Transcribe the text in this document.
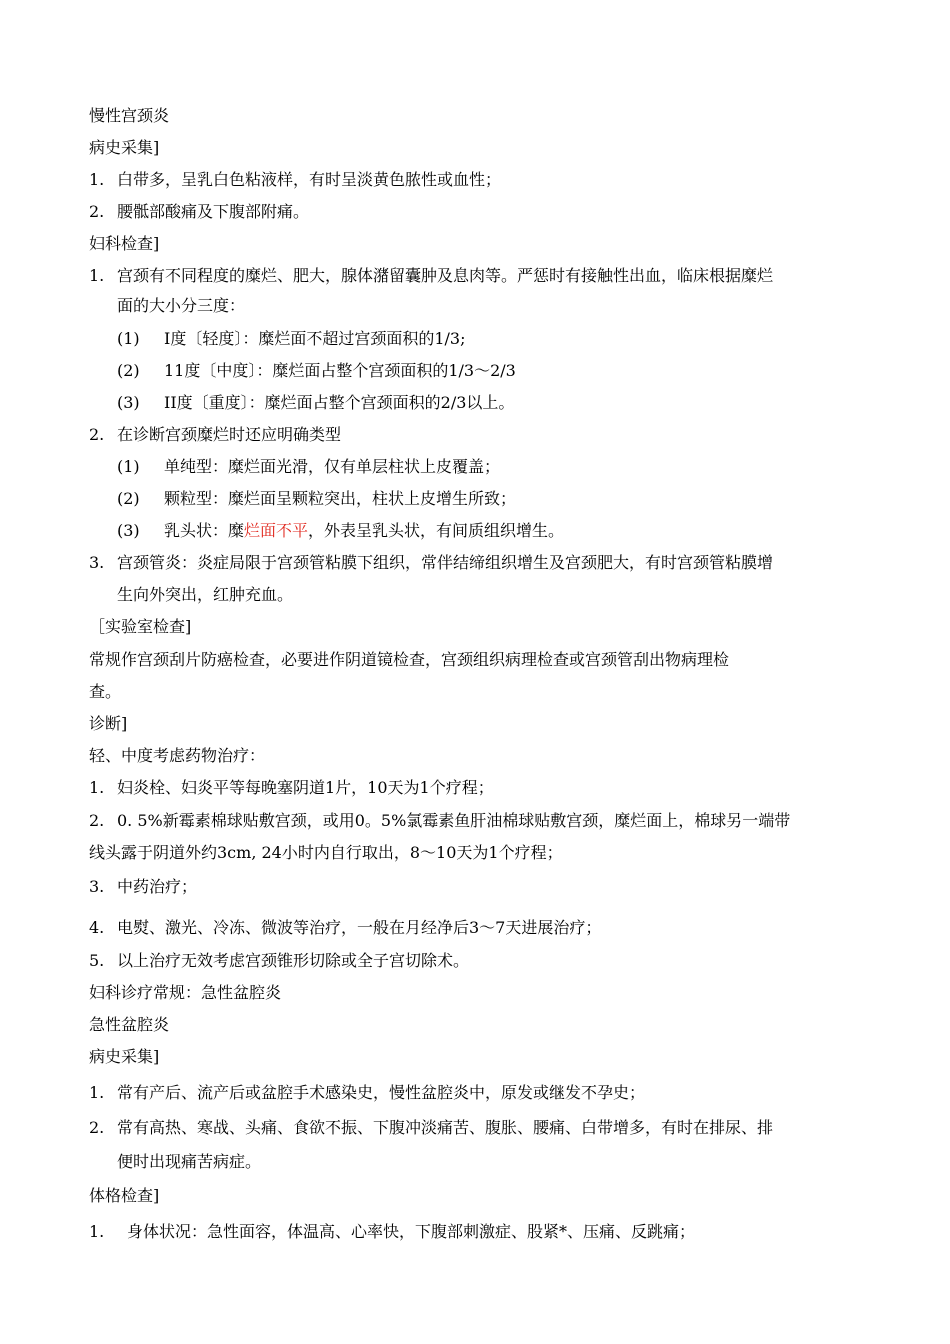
慢性宫颈炎
病史采集]
1. 白带多，呈乳白色粘液样，有时呈淡黄色脓性或血性；
2. 腰骶部酸痛及下腹部附痛。
妇科检查]
1. 宫颈有不同程度的糜烂、肥大，腺体潴留囊肿及息肉等。严惩时有接触性出血，临床根据糜烂
面的大小分三度：
(1) I度〔轻度〕：糜烂面不超过宫颈面积的1/3;
(2) 11度〔中度〕：糜烂面占整个宫颈面积的1/3〜2/3
(3) II度〔重度〕：糜烂面占整个宫颈面积的2/3以上。
2. 在诊断宫颈糜烂时还应明确类型
(1) 单纯型：糜烂面光滑，仅有单层柱状上皮覆盖；
(2) 颗粒型：糜烂面呈颗粒突出，柱状上皮增生所致；
(3) 乳头状：糜烂面不平，外表呈乳头状，有间质组织增生。
3. 宫颈管炎：炎症局限于宫颈管粘膜下组织，常伴结缔组织增生及宫颈肥大，有时宫颈管粘膜增
生向外突出，红肿充血。
［实验室检查]
常规作宫颈刮片防癌检查，必要进作阴道镜检查，宫颈组织病理检查或宫颈管刮出物病理检
查。
诊断]
轻、中度考虑药物治疗：
1. 妇炎栓、妇炎平等每晚塞阴道1片，10天为1个疗程；
2. 0. 5%新霉素棉球贴敷宫颈，或用0。5%氯霉素鱼肝油棉球贴敷宫颈，糜烂面上，棉球另一端带
线头露于阴道外约3cm, 24小时内自行取出，8〜10天为1个疗程；
3. 中药治疗；
4. 电熨、激光、冷冻、微波等治疗，一般在月经净后3〜7天进展治疗；
5. 以上治疗无效考虑宫颈锥形切除或全子宫切除术。
妇科诊疗常规：急性盆腔炎
急性盆腔炎
病史采集]
1. 常有产后、流产后或盆腔手术感染史，慢性盆腔炎中，原发或继发不孕史；
2. 常有高热、寒战、头痛、食欲不振、下腹冲淡痛苦、腹胀、腰痛、白带增多，有时在排尿、排
便时出现痛苦病症。
体格检查]
1. 身体状况：急性面容，体温高、心率快，下腹部刺激症、股紧*、压痛、反跳痛；
